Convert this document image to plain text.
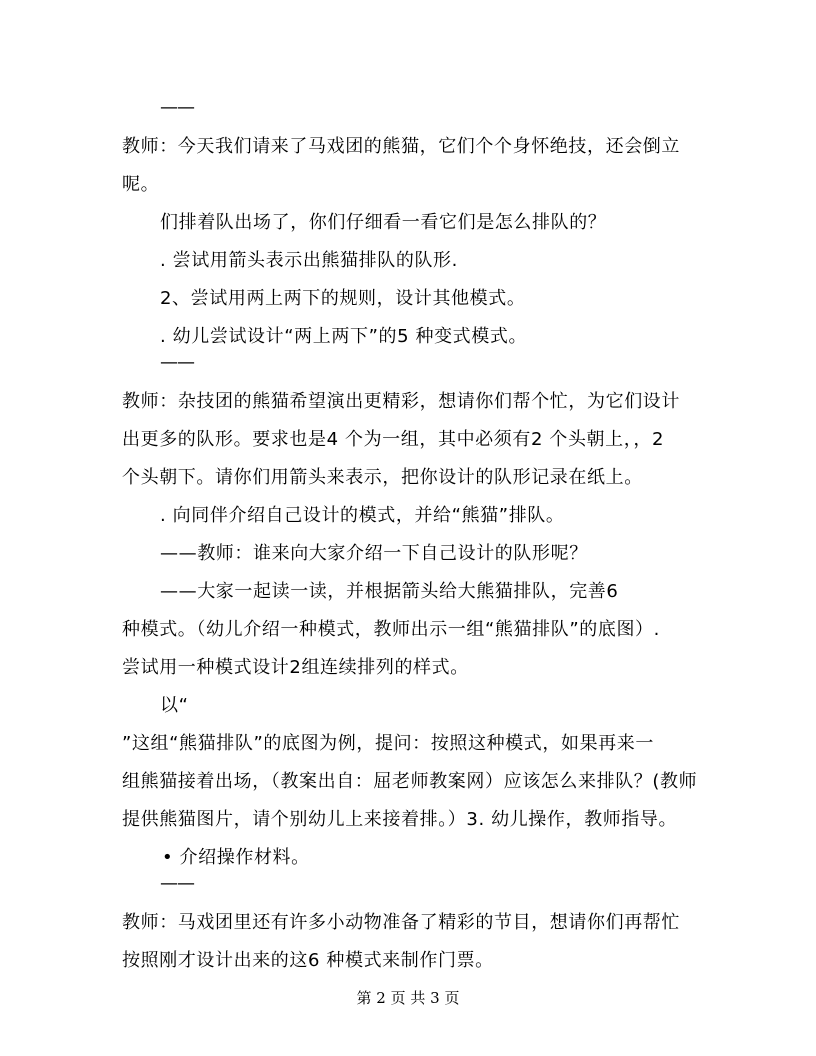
——
教师：今天我们请来了马戏团的熊猫，它们个个身怀绝技，还会倒立
呢。
们排着队出场了，你们仔细看一看它们是怎么排队的？
. 尝试用箭头表示出熊猫排队的队形.
2、尝试用两上两下的规则，设计其他模式。
. 幼儿尝试设计“两上两下”的5 种变式模式。
——
教师：杂技团的熊猫希望演出更精彩，想请你们帮个忙，为它们设计
出更多的队形。要求也是4 个为一组，其中必须有2 个头朝上，，2
个头朝下。请你们用箭头来表示，把你设计的队形记录在纸上。
. 向同伴介绍自己设计的模式，并给“熊猫”排队。
——教师：谁来向大家介绍一下自己设计的队形呢？
——大家一起读一读，并根据箭头给大熊猫排队，完善6
种模式。（幼儿介绍一种模式，教师出示一组“熊猫排队”的底图）.
尝试用一种模式设计2组连续排列的样式。
以“
”这组“熊猫排队”的底图为例，提问：按照这种模式，如果再来一
组熊猫接着出场，（教案出自：屈老师教案网）应该怎么来排队？(教师
提供熊猫图片，请个别幼儿上来接着排。）3. 幼儿操作，教师指导。
• 介绍操作材料。
——
教师：马戏团里还有许多小动物准备了精彩的节目，想请你们再帮忙
按照刚才设计出来的这6 种模式来制作门票。
第 2 页 共 3 页
